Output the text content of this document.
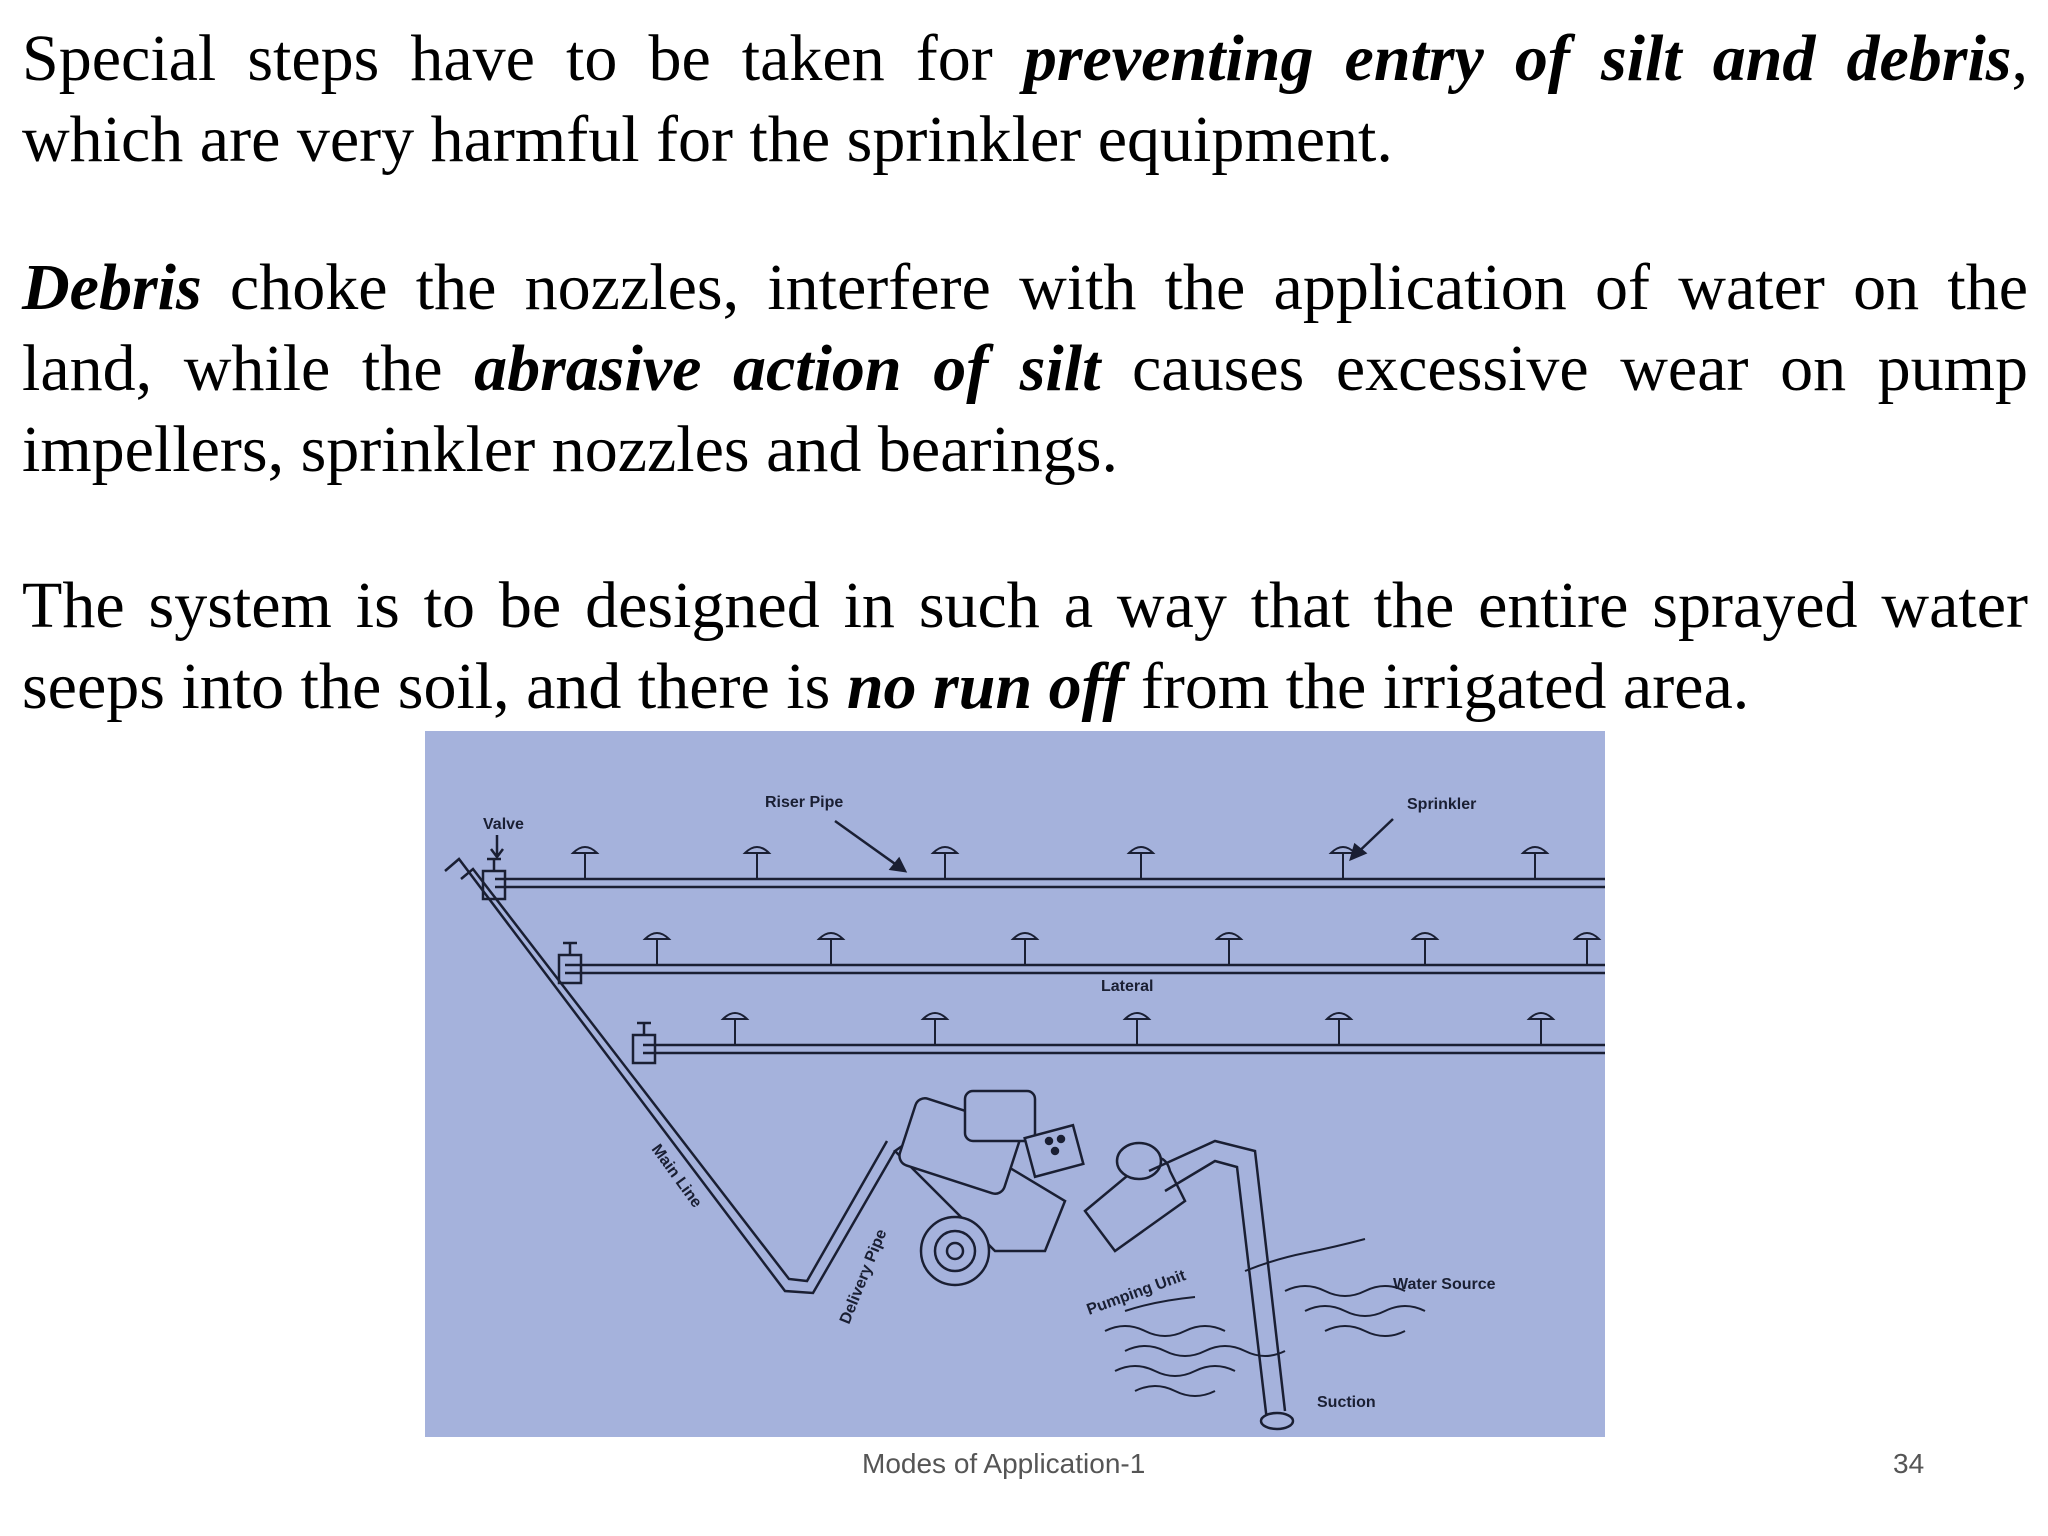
Special steps have to be taken for preventing entry of silt and debris, which are very harmful for the sprinkler equipment.

Debris choke the nozzles, interfere with the application of water on the land, while the abrasive action of silt causes excessive wear on pump impellers, sprinkler nozzles and bearings.

The system is to be designed in such a way that the entire sprayed water seeps into the soil, and there is no run off from the irrigated area.

Valve
Riser Pipe	Sprinkler
Lateral
Main Line
Delivery Pipe	Pumping Unit	Water Source
Suction
Modes of Application-1	34
